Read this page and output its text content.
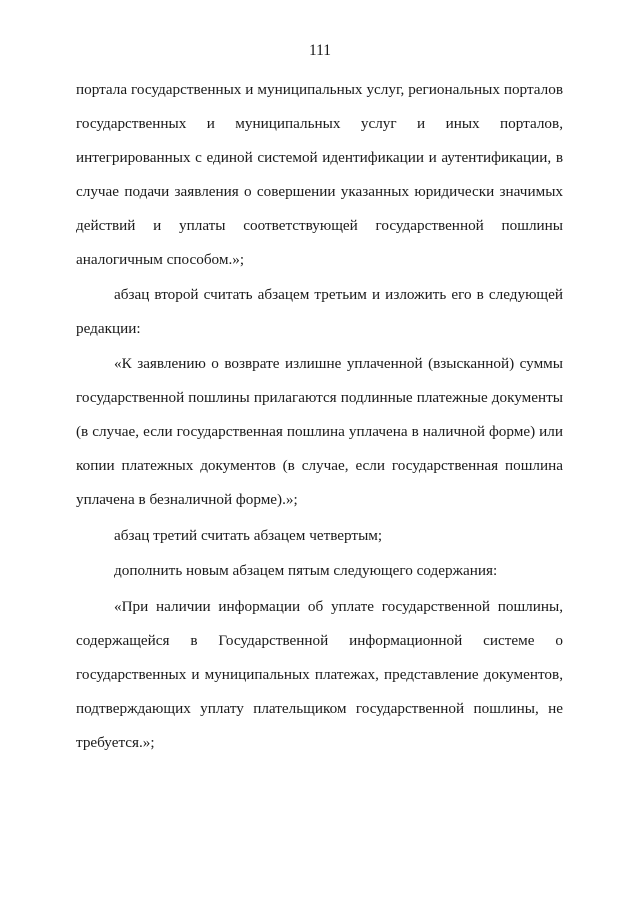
111
портала государственных и муниципальных услуг, региональных порталов
государственных и муниципальных услуг и иных порталов,
интегрированных с единой системой идентификации и аутентификации, в
случае подачи заявления о совершении указанных юридически значимых
действий и уплаты соответствующей государственной пошлины
аналогичным способом.»;
абзац второй считать абзацем третьим и изложить его в следующей
редакции:
«К заявлению о возврате излишне уплаченной (взысканной) суммы
государственной пошлины прилагаются подлинные платежные документы
(в случае, если государственная пошлина уплачена в наличной форме) или
копии платежных документов (в случае, если государственная пошлина
уплачена в безналичной форме).»;
абзац третий считать абзацем четвертым;
дополнить новым абзацем пятым следующего содержания:
«При наличии информации об уплате государственной пошлины,
содержащейся в Государственной информационной системе о
государственных и муниципальных платежах, представление документов,
подтверждающих уплату плательщиком государственной пошлины, не
требуется.»;
